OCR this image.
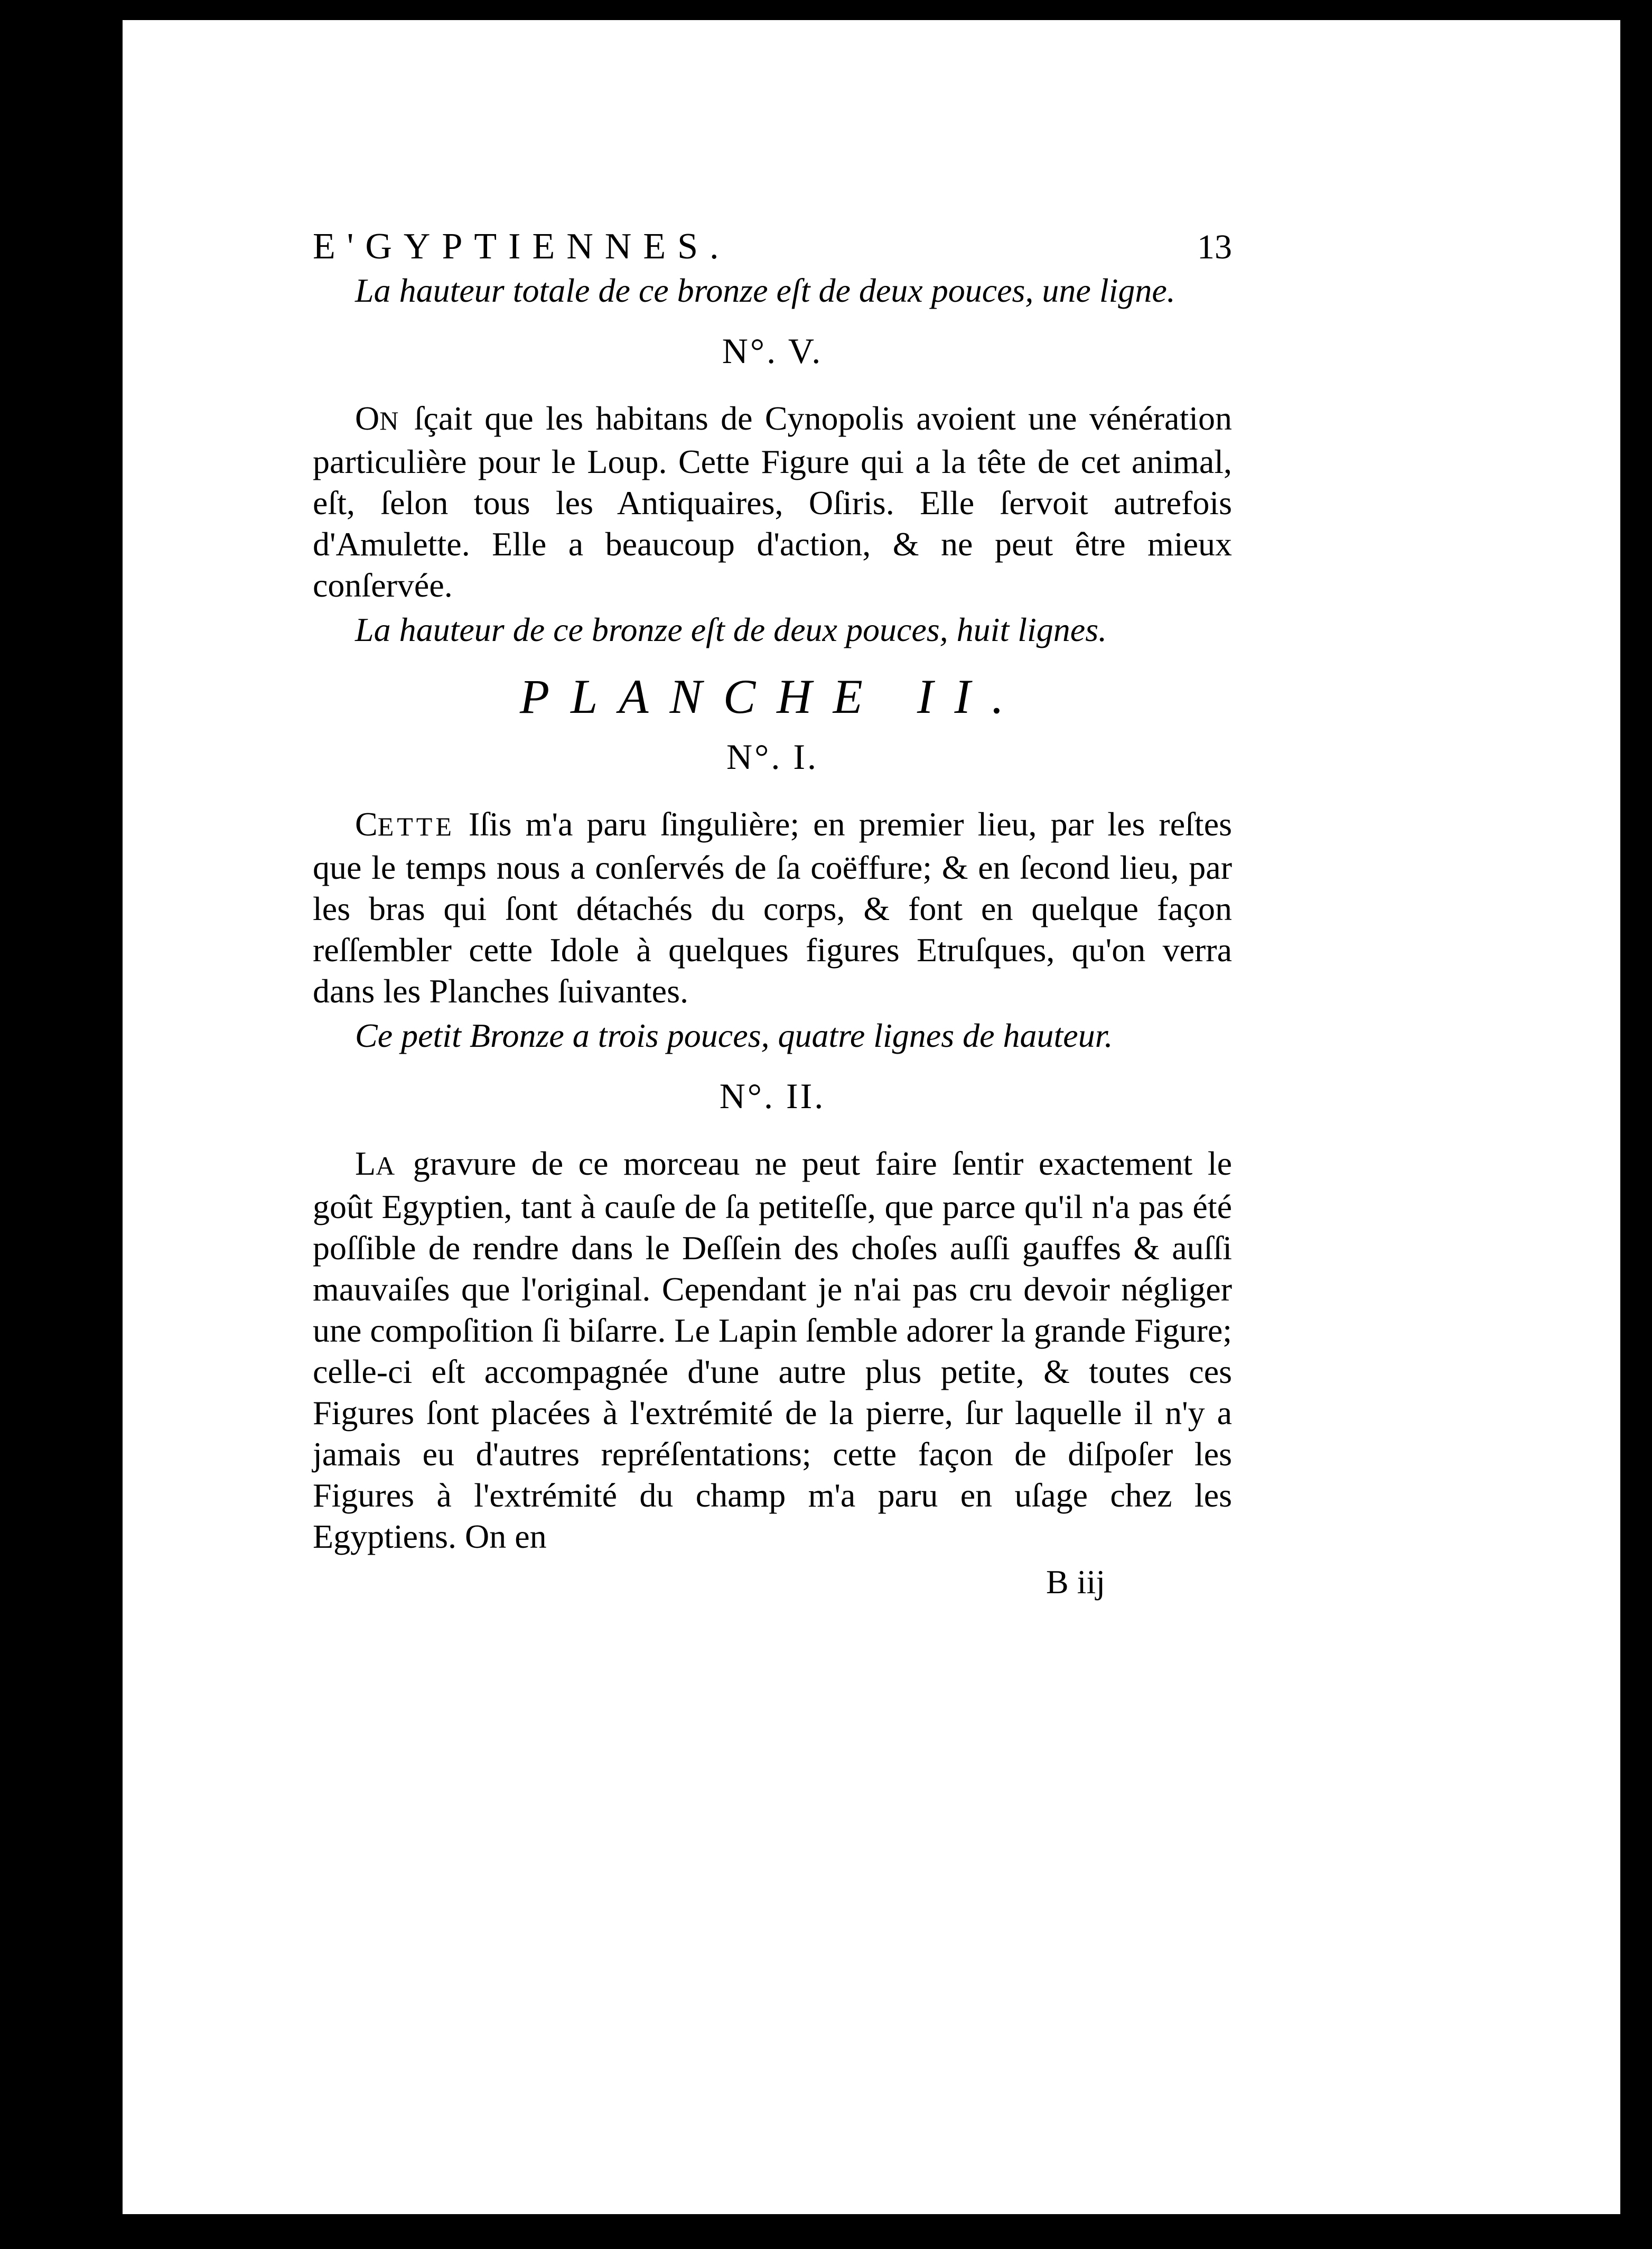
E'GYPTIENNES.	13

La hauteur totale de ce bronze eſt de deux pouces, une ligne.

N°. V.

ON ſçait que les habitans de Cynopolis avoient une vénération particulière pour le Loup. Cette Figure qui a la tête de cet animal, eſt, ſelon tous les Antiquaires, Oſiris. Elle ſervoit autrefois d'Amulette. Elle a beaucoup d'action, & ne peut être mieux conſervée.

La hauteur de ce bronze eſt de deux pouces, huit lignes.

PLANCHE II.
N°. I.

CETTE Iſis m'a paru ſingulière; en premier lieu, par les reſtes que le temps nous a conſervés de ſa coëffure; & en ſecond lieu, par les bras qui ſont détachés du corps, & font en quelque façon reſſembler cette Idole à quelques figures Etruſques, qu'on verra dans les Planches ſuivantes.

Ce petit Bronze a trois pouces, quatre lignes de hauteur.

N°. II.

LA gravure de ce morceau ne peut faire ſentir exactement le goût Egyptien, tant à cauſe de ſa petiteſſe, que parce qu'il n'a pas été poſſible de rendre dans le Deſſein des choſes auſſi gauffes & auſſi mauvaiſes que l'original. Cependant je n'ai pas cru devoir négliger une compoſition ſi biſarre. Le Lapin ſemble adorer la grande Figure; celle-ci eſt accompagnée d'une autre plus petite, & toutes ces Figures ſont placées à l'extrémité de la pierre, ſur laquelle il n'y a jamais eu d'autres repréſentations; cette façon de diſpoſer les Figures à l'extrémité du champ m'a paru en uſage chez les Egyptiens. On en

B iij
